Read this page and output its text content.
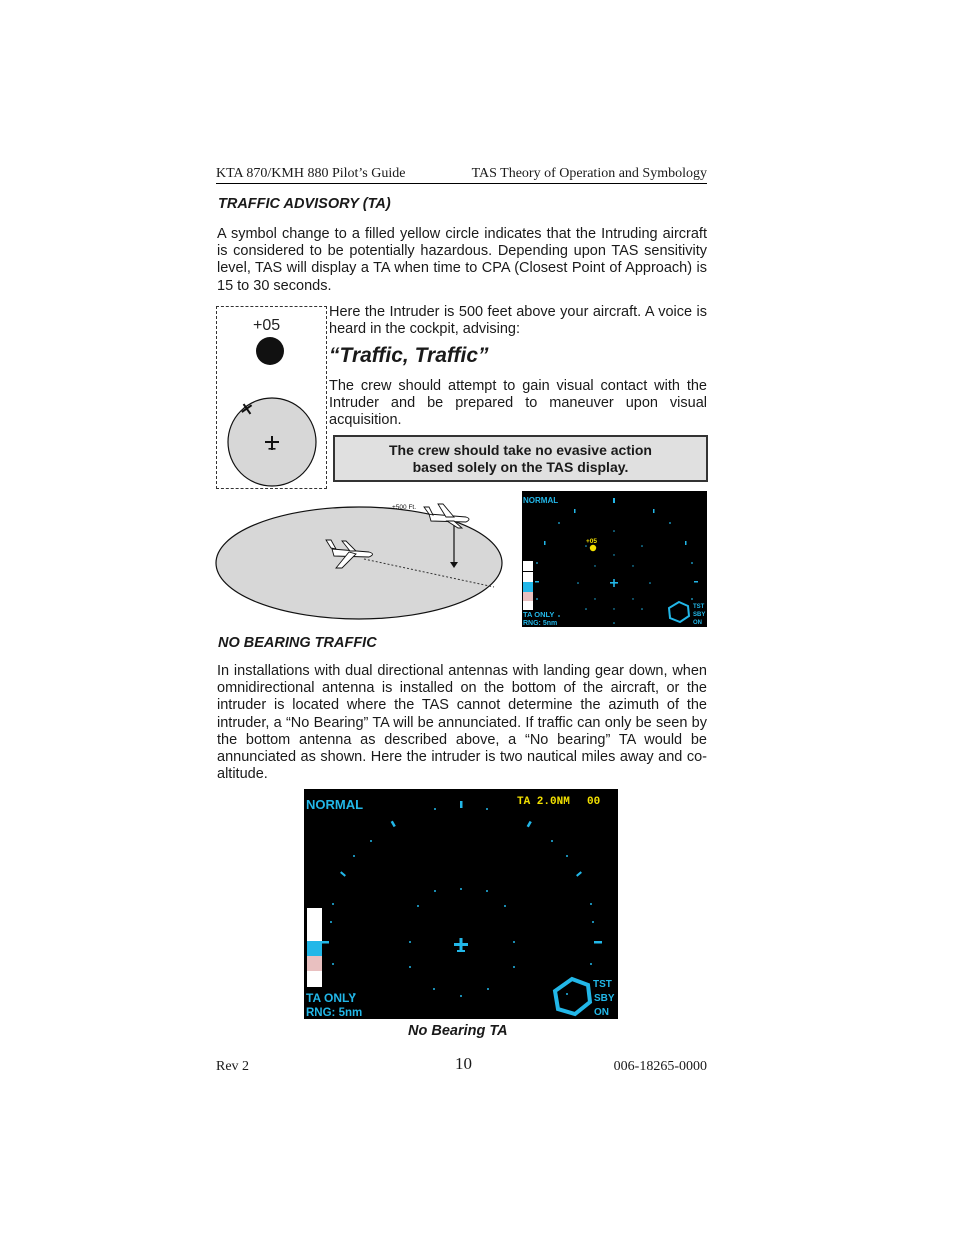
KTA 870/KMH 880 Pilot’s Guide	TAS Theory of Operation and Symbology
TRAFFIC ADVISORY (TA)

A symbol change to a filled yellow circle indicates that the Intruding aircraft is considered to be potentially hazardous. Depending upon TAS sensitivity level, TAS will display a TA when time to CPA (Closest Point of Approach) is 15 to 30 seconds.

+05

Here the Intruder is 500 feet above your aircraft. A voice is heard in the cockpit, advising:

“Traffic, Traffic”

The crew should attempt to gain visual contact with the Intruder and be prepared to maneuver upon visual acquisition.

The crew should take no evasive action
based solely on the TAS display.
+500 Ft.
NORMAL
+05
TA ONLY
RNG: 5nm
TST
SBY
ON
NO BEARING TRAFFIC

In installations with dual directional antennas with landing gear down, when omnidirectional antenna is installed on the bottom of the aircraft, or the intruder is located where the TAS cannot determine the azimuth of the intruder, a “No Bearing” TA will be annunciated. If traffic can only be seen by the bottom antenna as described above, a “No bearing” TA would be annunciated as shown. Here the intruder is two nautical miles away and co-altitude.

NORMAL	TA 2.0NM 00
TA ONLY
RNG: 5nm
TST
SBY
ON
No Bearing TA
Rev 2	10	006-18265-0000
